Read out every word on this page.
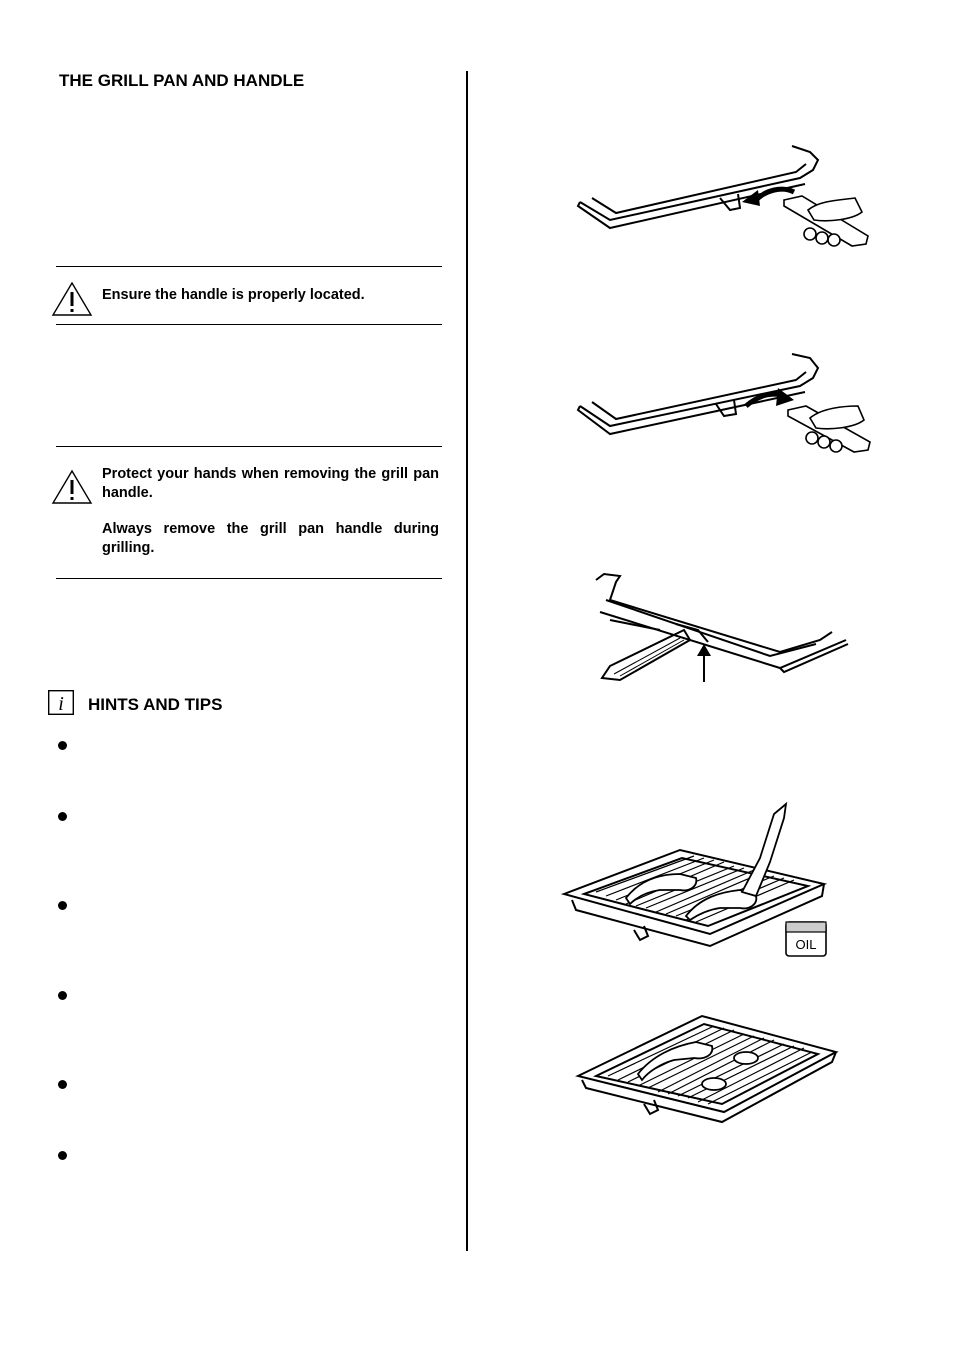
THE GRILL PAN AND HANDLE

Ensure the handle is properly located.

Protect your hands when removing the grill pan handle.

Always remove the grill pan handle during grilling.

i HINTS AND TIPS
OIL
